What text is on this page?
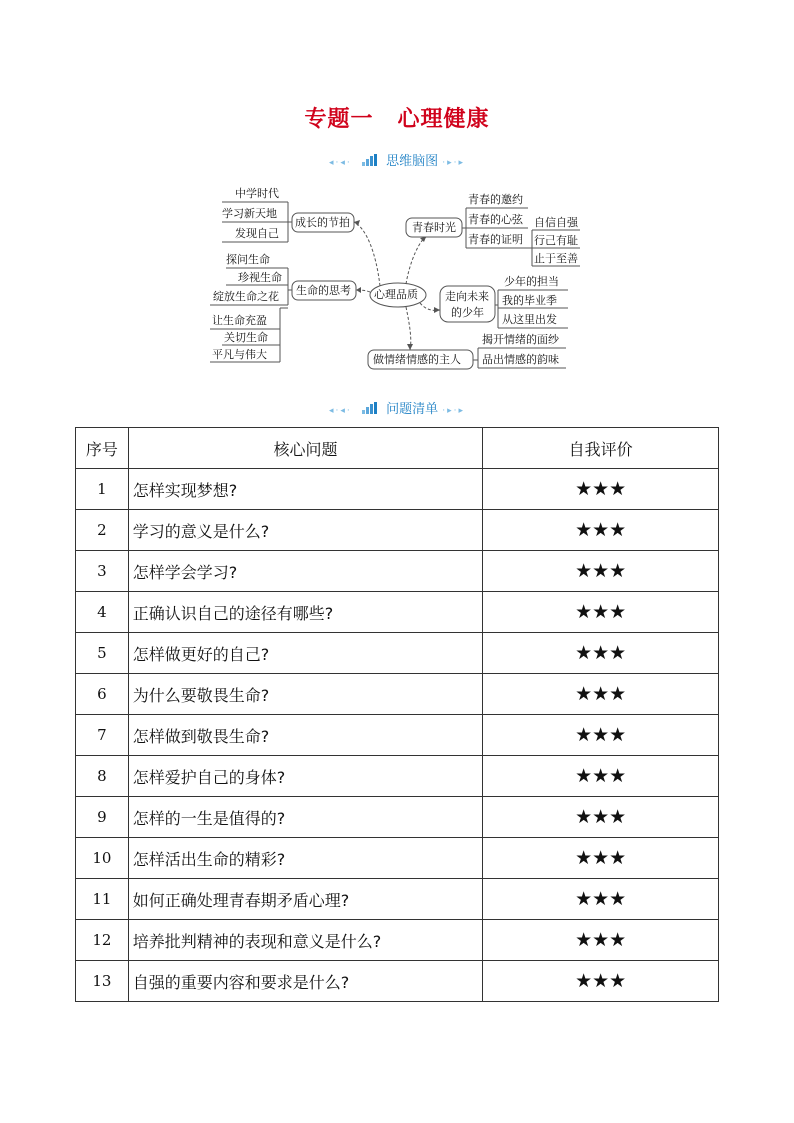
专题一 心理健康
◂·◂·	思维脑图 ·▸·▸
中学时代
学习新天地
发现自己
成长的节拍
探问生命
珍视生命
绽放生命之花 生命的思考
让生命充盈
关切生命
平凡与伟大
心理品质
青春时光
青春的邀约
青春的心弦
青春的证明
自信自强
行己有耻
止于至善
走向未来
的少年
少年的担当
我的毕业季
从这里出发
做情绪情感的主人
揭开情绪的面纱
品出情感的韵味
◂·◂·	问题清单 ·▸·▸
序号	核心问题	自我评价
1	怎样实现梦想?	★★★
2	学习的意义是什么?	★★★
3	怎样学会学习?	★★★
4	正确认识自己的途径有哪些?	★★★
5	怎样做更好的自己?	★★★
6	为什么要敬畏生命?	★★★
7	怎样做到敬畏生命?	★★★
8	怎样爱护自己的身体?	★★★
9	怎样的一生是值得的?	★★★
10	怎样活出生命的精彩?	★★★
11	如何正确处理青春期矛盾心理?	★★★
12	培养批判精神的表现和意义是什么?	★★★
13	自强的重要内容和要求是什么?	★★★
